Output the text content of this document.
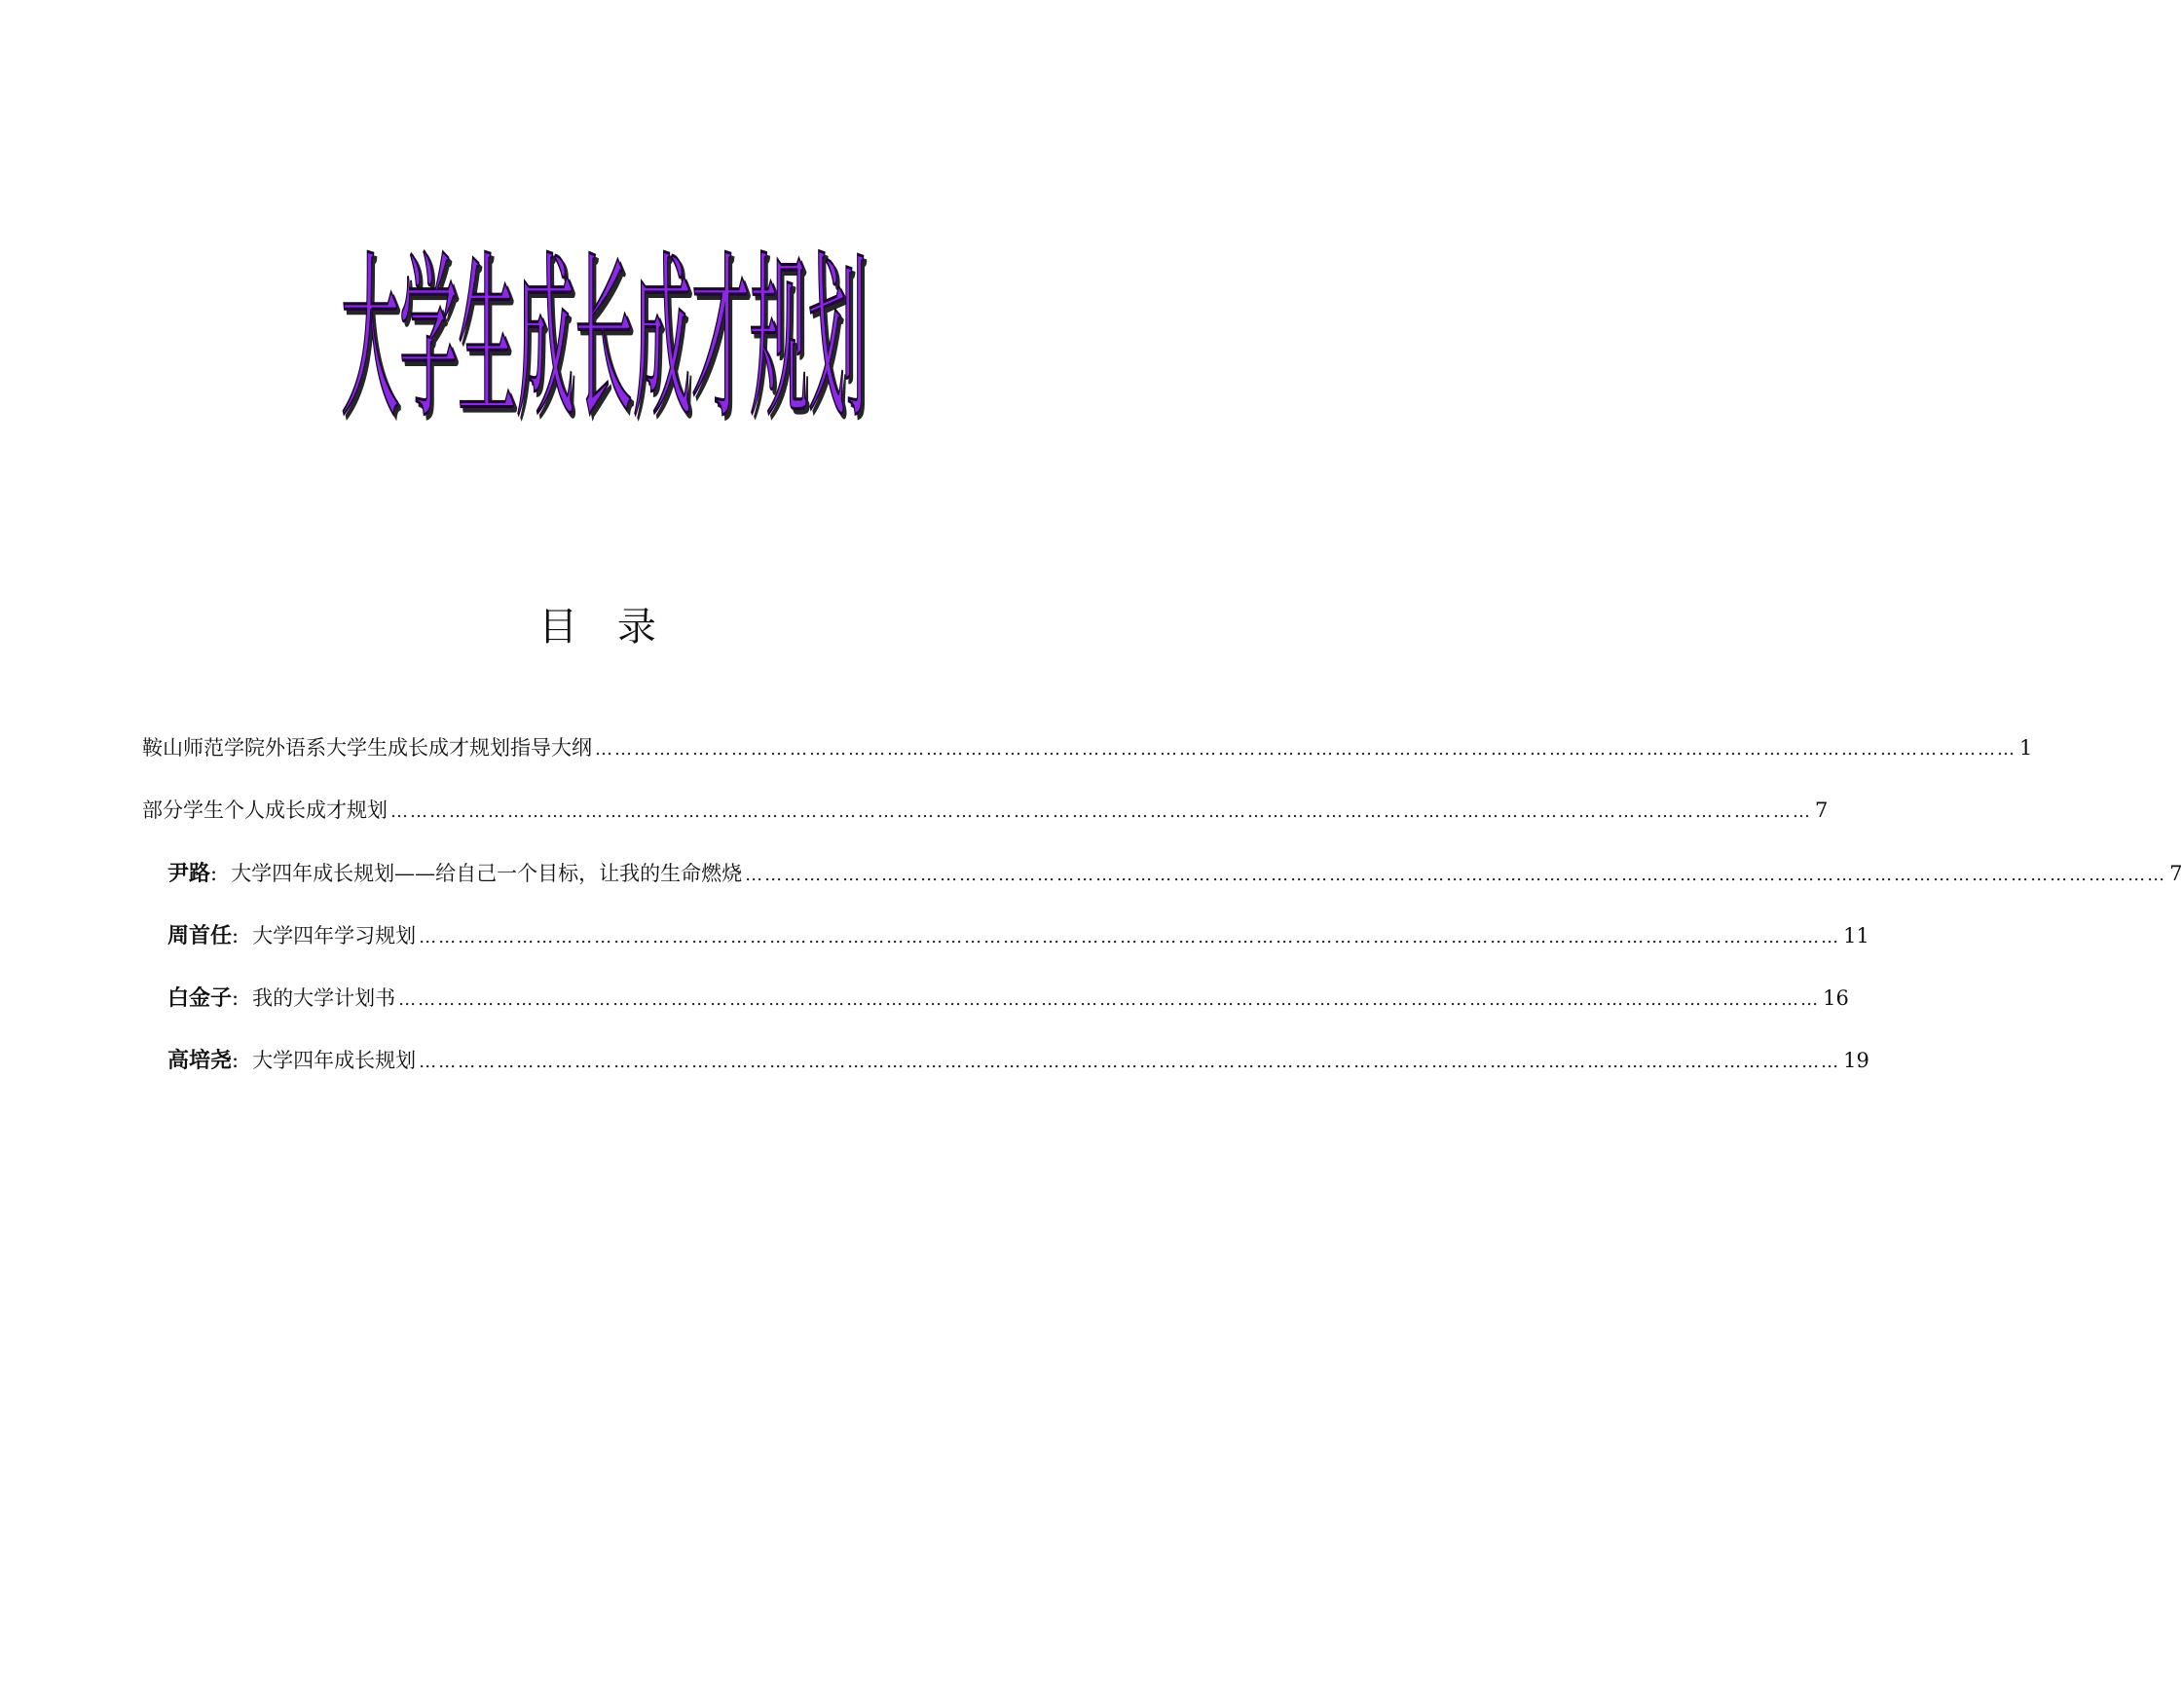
大学生成长成才规划
目 录
鞍山师范学院外语系大学生成长成才规划指导大纲 …………………………………………………………………………………………………………………………………………………………………………………………………	1
部分学生个人成长成才规划 …………………………………………………………………………………………………………………………………………………………………………………………………	7
尹路 : 大学四年成长规划——给自己一个目标，让我的生命燃烧 …………………………………………………………………………………………………………………………………………………………………………………………………	7
周首任 : 大学四年学习规划 …………………………………………………………………………………………………………………………………………………………………………………………………	11
白金子 : 我的大学计划书 …………………………………………………………………………………………………………………………………………………………………………………………………	16
高培尧 : 大学四年成长规划 …………………………………………………………………………………………………………………………………………………………………………………………………	19
